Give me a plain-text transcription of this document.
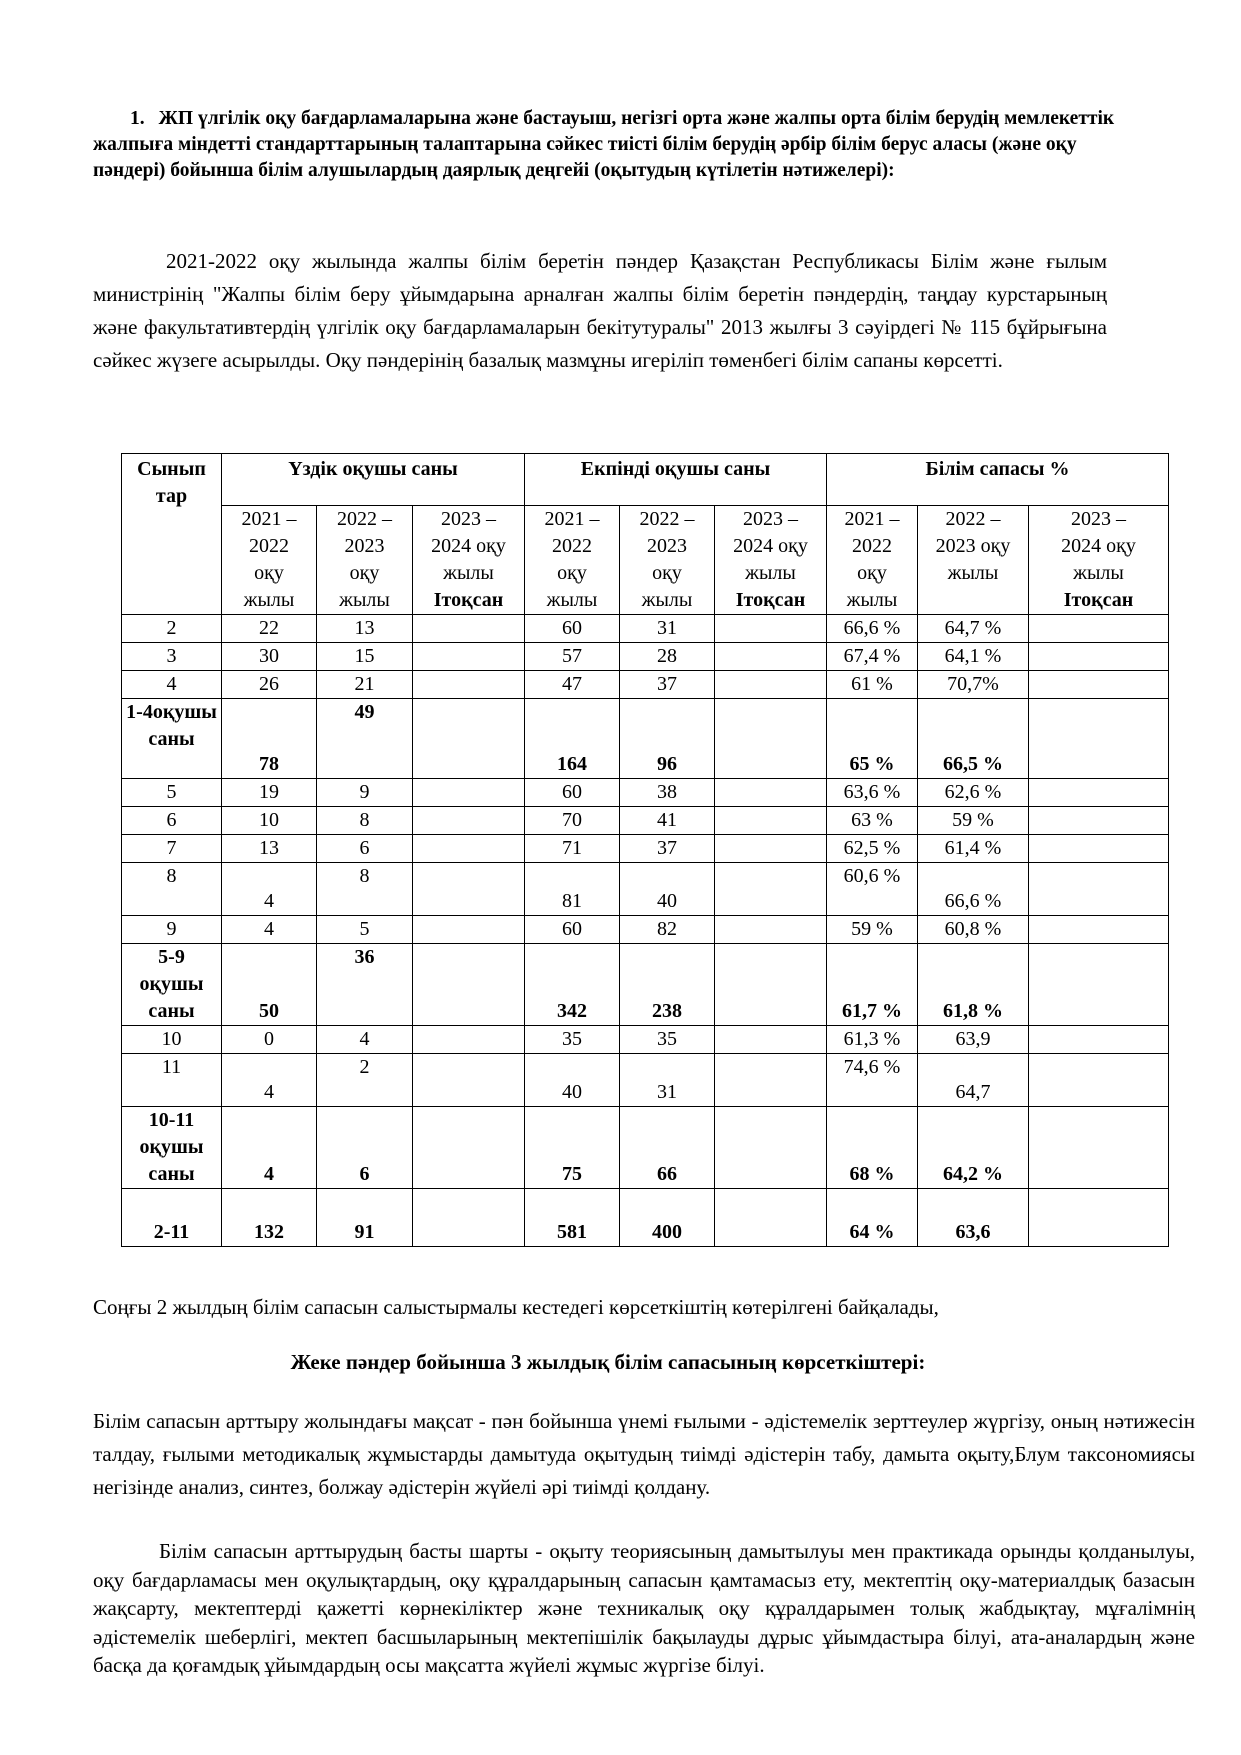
1. ЖП үлгілік оқу бағдарламаларына және бастауыш, негізгі орта және жалпы орта білім берудің мемлекеттік жалпыға міндетті стандарттарының талаптарына сәйкес тиісті білім берудің әрбір білім берус аласы (және оқу пәндері) бойынша білім алушылардың даярлық деңгейі (оқытудың күтілетін нәтижелері):
2021-2022 оқу жылында жалпы білім беретін пәндер Қазақстан Республикасы Білім және ғылым министрінің "Жалпы білім беру ұйымдарына арналған жалпы білім беретін пәндердің, таңдау курстарының және факультативтердің үлгілік оқу бағдарламаларын бекітутуралы" 2013 жылғы 3 сәуірдегі № 115 бұйрығына сәйкес жүзеге асырылды. Оқу пәндерінің базалық мазмұны игеріліп төменбегі білім сапаны көрсетті.
Сынып тар	Үздік оқушы саны			Екпінді оқушы саны			Білім сапасы %		
	2021 –
2022
оқу
жылы	2022 –
2023
оқу
жылы	2023 –
2024 оқу
жылы
Ітоқсан	2021 –
2022
оқу
жылы	2022 –
2023
оқу
жылы	2023 –
2024 оқу
жылы
Ітоқсан	2021 –
2022
оқу
жылы	2022 –
2023 оқу
жылы	2023 –
2024 оқу
жылы
Ітоқсан
2	22	13		60	31		66,6 %	64,7 %	
3	30	15		57	28		67,4 %	64,1 %	
4	26	21		47	37		61 %	70,7%	
1-4оқушы саны	78	49		164	96		65 %	66,5 %	
5	19	9		60	38		63,6 %	62,6 %	
6	10	8		70	41		63 %	59 %	
7	13	6		71	37		62,5 %	61,4 %	
8	4	8		81	40		60,6 %	66,6 %	
9	4	5		60	82		59 %	60,8 %	
5-9 оқушы саны	50	36		342	238		61,7 %	61,8 %	
10	0	4		35	35		61,3 %	63,9	
11	4	2		40	31		74,6 %	64,7	
10-11 оқушы саны	4	6		75	66		68 %	64,2 %	
2-11	132	91		581	400		64 %	63,6	
Соңғы 2 жылдың білім сапасын салыстырмалы кестедегі көрсеткіштің көтерілгені байқалады,
Жеке пәндер бойынша 3 жылдық білім сапасының көрсеткіштері:
Білім сапасын арттыру жолындағы мақсат - пән бойынша үнемі ғылыми - әдістемелік зерттеулер жүргізу, оның нәтижесін талдау, ғылыми методикалық жұмыстарды дамытуда оқытудың тиімді әдістерін табу, дамыта оқыту,Блум таксономиясы негізінде анализ, синтез, болжау әдістерін жүйелі әрі тиімді қолдану.
Білім сапасын арттырудың басты шарты - оқыту теориясының дамытылуы мен практикада орынды қолданылуы, оқу бағдарламасы мен оқулықтардың, оқу құралдарының сапасын қамтамасыз ету, мектептің оқу-материалдық базасын жақсарту, мектептерді қажетті көрнекіліктер және техникалық оқу құралдарымен толық жабдықтау, мұғалімнің әдістемелік шеберлігі, мектеп басшыларының мектепішілік бақылауды дұрыс ұйымдастыра білуі, ата-аналардың және басқа да қоғамдық ұйымдардың осы мақсатта жүйелі жұмыс жүргізе білуі.
